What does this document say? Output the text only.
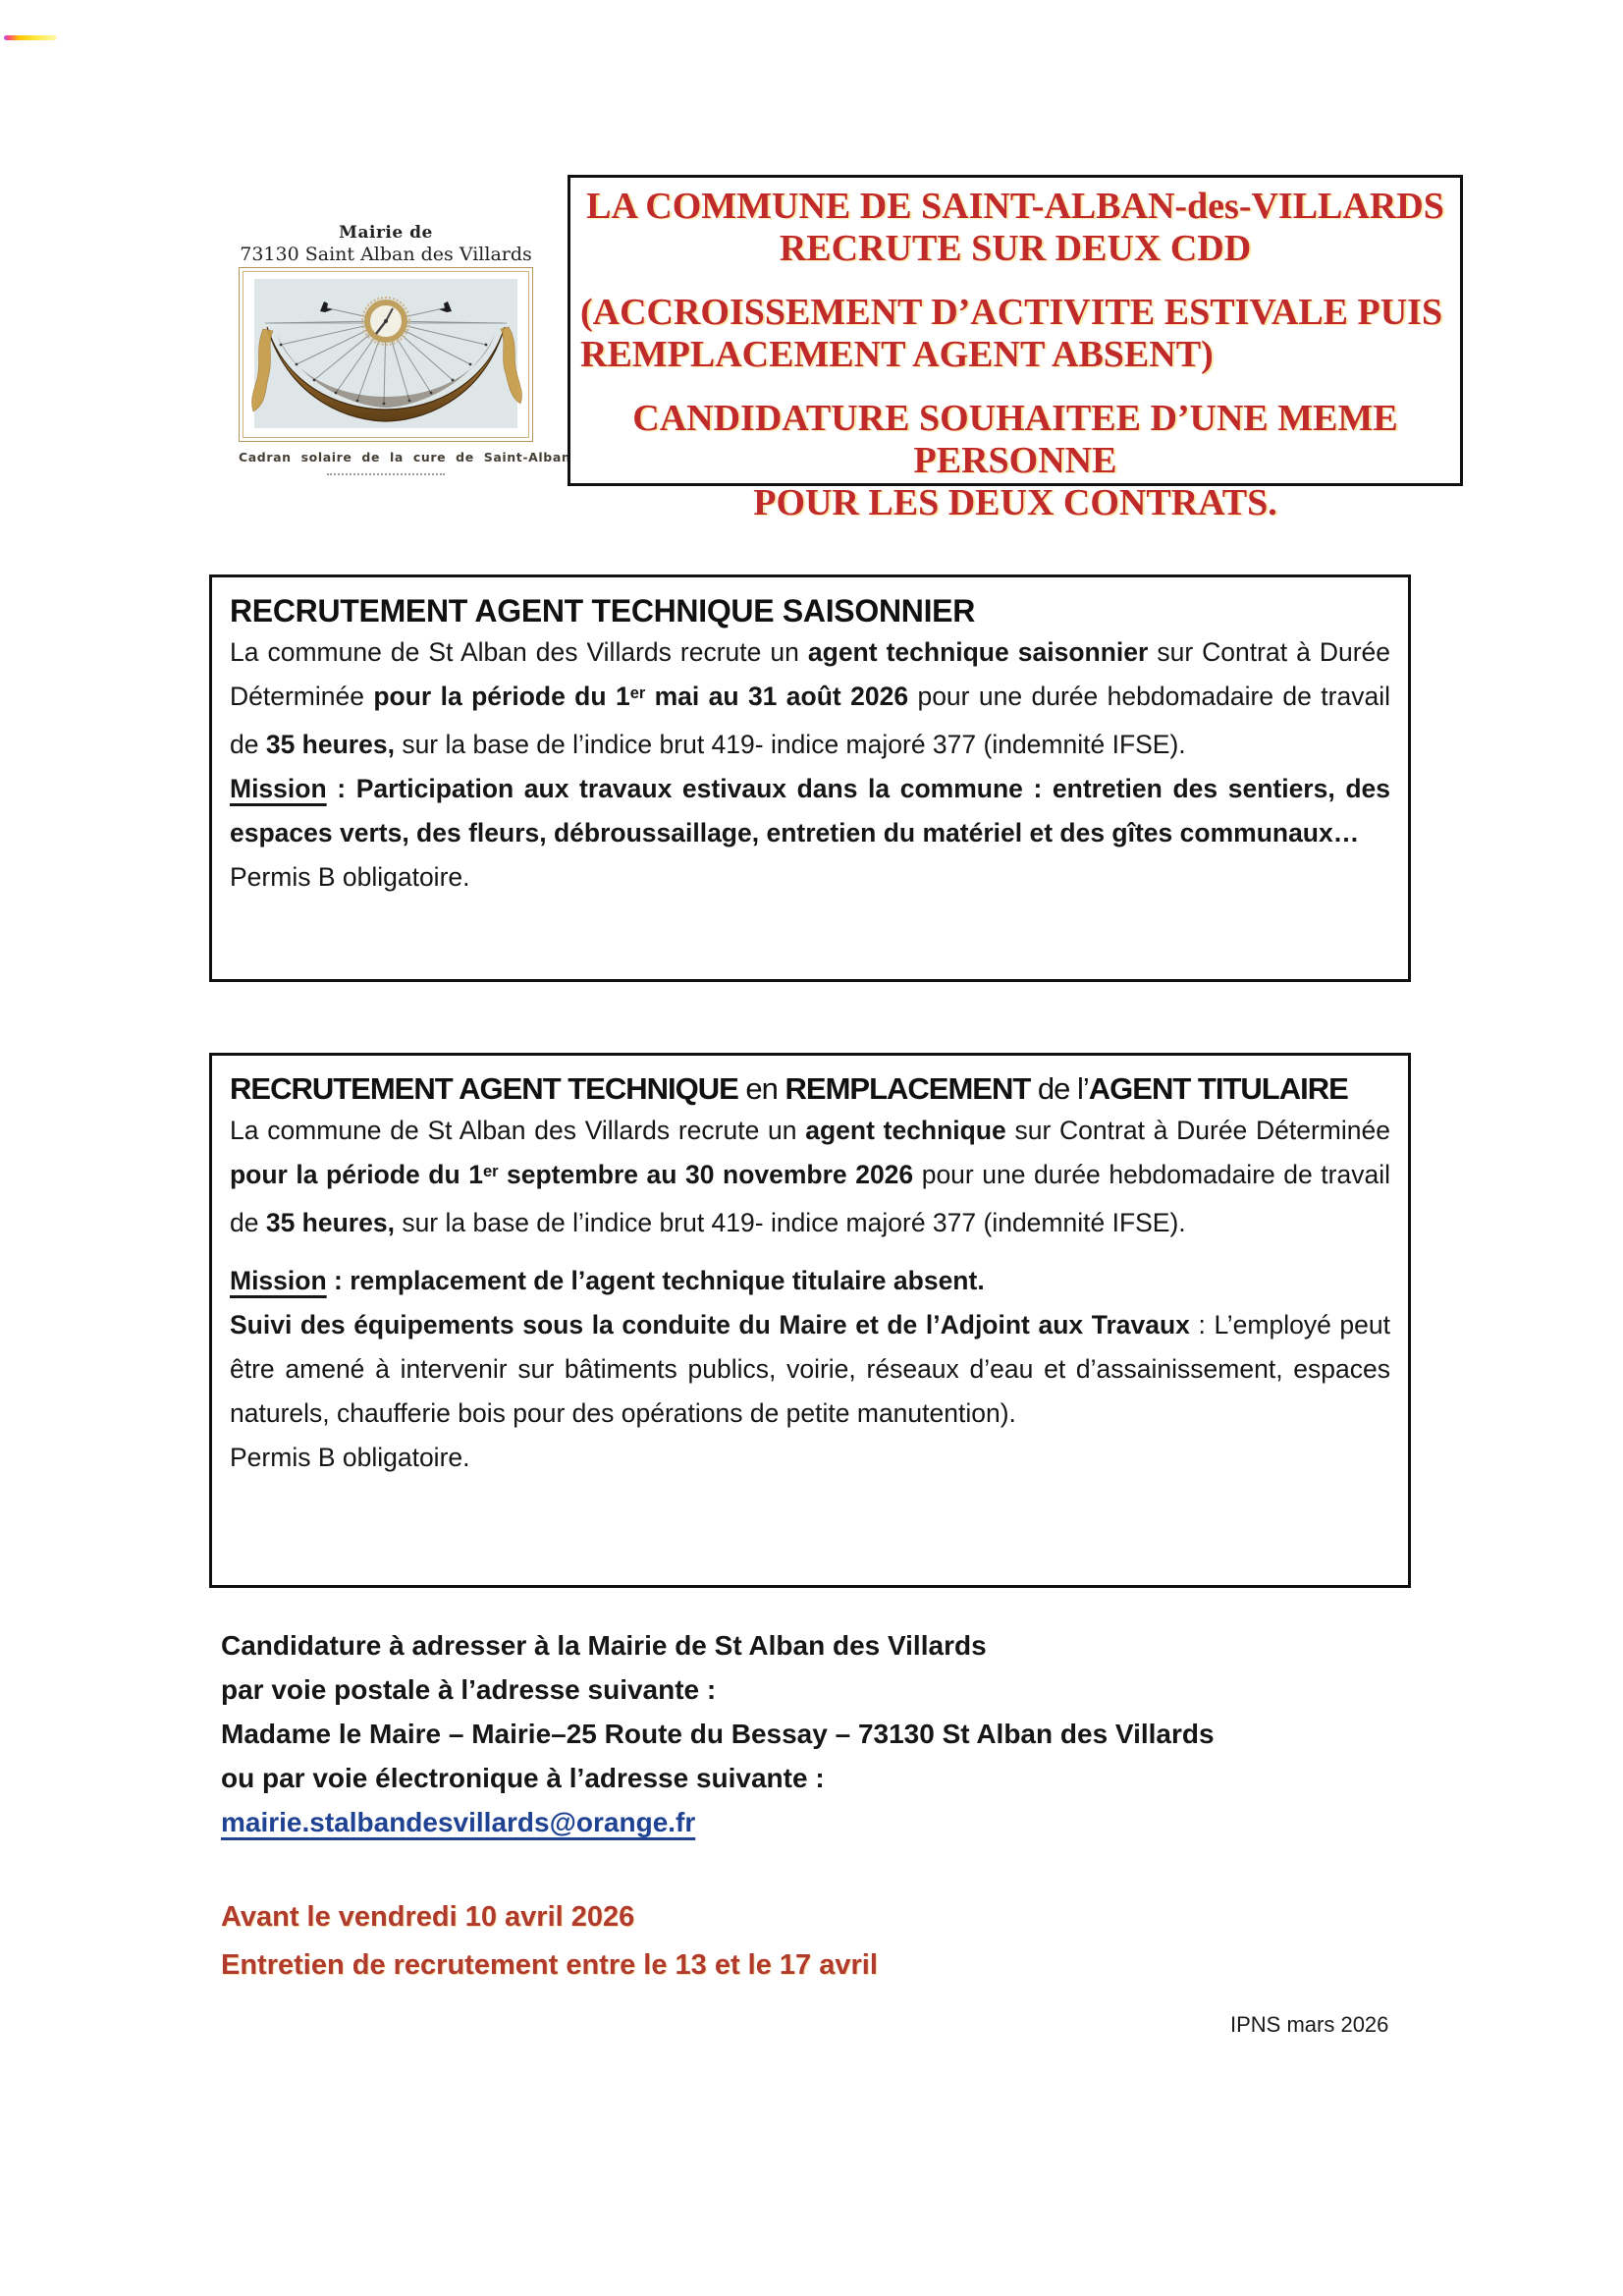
Mairie de
73130 Saint Alban des Villards
Cadran solaire de la cure de Saint-Alban
LA COMMUNE DE SAINT-ALBAN-des-VILLARDS
RECRUTE SUR DEUX CDD
(ACCROISSEMENT D’ACTIVITE ESTIVALE PUIS
REMPLACEMENT AGENT ABSENT)
CANDIDATURE SOUHAITEE D’UNE MEME PERSONNE
POUR LES DEUX CONTRATS.
RECRUTEMENT AGENT TECHNIQUE SAISONNIER

La commune de St Alban des Villards recrute un agent technique saisonnier sur Contrat à Durée Déterminée pour la période du 1er mai au 31 août 2026 pour une durée hebdomadaire de travail de 35 heures, sur la base de l’indice brut 419- indice majoré 377 (indemnité IFSE).

Mission : Participation aux travaux estivaux dans la commune : entretien des sentiers, des espaces verts, des fleurs, débroussaillage, entretien du matériel et des gîtes communaux…

Permis B obligatoire.

RECRUTEMENT AGENT TECHNIQUE en REMPLACEMENT de l’AGENT TITULAIRE

La commune de St Alban des Villards recrute un agent technique sur Contrat à Durée Déterminée pour la période du 1er septembre au 30 novembre 2026 pour une durée hebdomadaire de travail de 35 heures, sur la base de l’indice brut 419- indice majoré 377 (indemnité IFSE).

Mission : remplacement de l’agent technique titulaire absent.

Suivi des équipements sous la conduite du Maire et de l’Adjoint aux Travaux : L’employé peut être amené à intervenir sur bâtiments publics, voirie, réseaux d’eau et d’assainissement, espaces naturels, chaufferie bois pour des opérations de petite manutention).

Permis B obligatoire.

Candidature à adresser à la Mairie de St Alban des Villards
par voie postale à l’adresse suivante :
Madame le Maire – Mairie–25 Route du Bessay – 73130 St Alban des Villards
ou par voie électronique à l’adresse suivante :
mairie.stalbandesvillards@orange.fr
Avant le vendredi 10 avril 2026
Entretien de recrutement entre le 13 et le 17 avril
IPNS mars 2026
